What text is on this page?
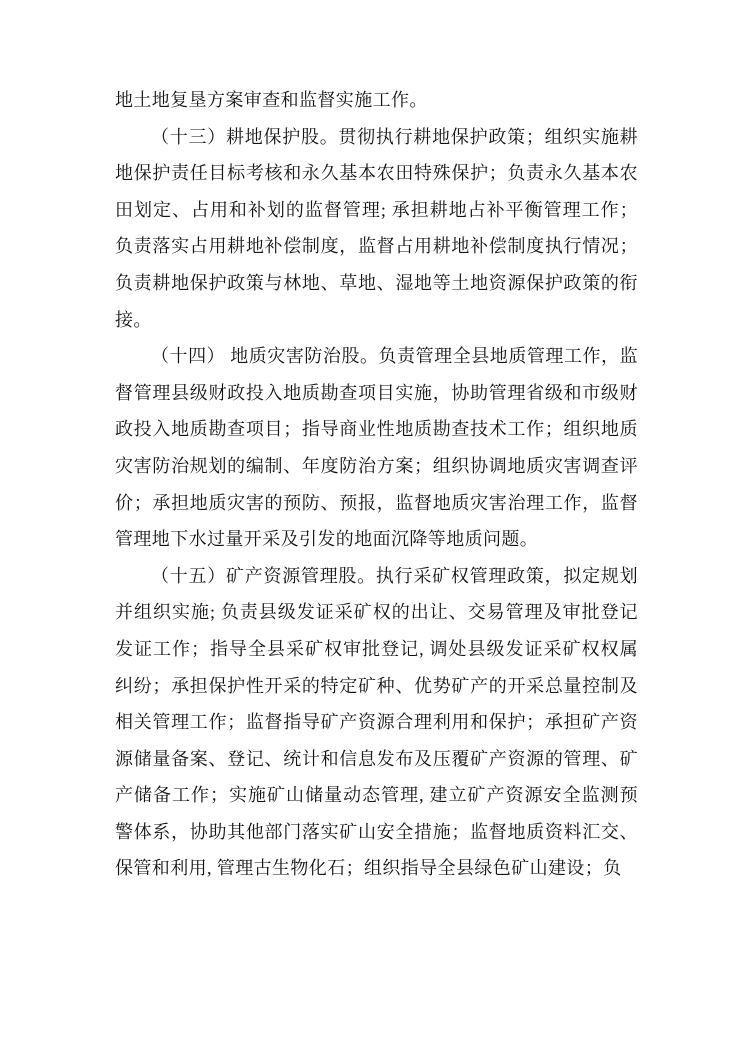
地土地复垦方案审查和监督实施工作。

（十三）耕地保护股。贯彻执行耕地保护政策；组织实施耕地保护责任目标考核和永久基本农田特殊保护；负责永久基本农田划定、占用和补划的监督管理; 承担耕地占补平衡管理工作；负责落实占用耕地补偿制度，监督占用耕地补偿制度执行情况；负责耕地保护政策与林地、草地、湿地等土地资源保护政策的衔接。

（十四） 地质灾害防治股。负责管理全县地质管理工作，监督管理县级财政投入地质勘查项目实施，协助管理省级和市级财政投入地质勘查项目；指导商业性地质勘查技术工作；组织地质灾害防治规划的编制、年度防治方案；组织协调地质灾害调查评价；承担地质灾害的预防、预报，监督地质灾害治理工作，监督管理地下水过量开采及引发的地面沉降等地质问题。

（十五）矿产资源管理股。执行采矿权管理政策，拟定规划并组织实施; 负责县级发证采矿权的出让、交易管理及审批登记发证工作；指导全县采矿权审批登记, 调处县级发证采矿权权属纠纷；承担保护性开采的特定矿种、优势矿产的开采总量控制及相关管理工作；监督指导矿产资源合理利用和保护；承担矿产资源储量备案、登记、统计和信息发布及压覆矿产资源的管理、矿产储备工作；实施矿山储量动态管理, 建立矿产资源安全监测预警体系，协助其他部门落实矿山安全措施；监督地质资料汇交、保管和利用, 管理古生物化石；组织指导全县绿色矿山建设；负
